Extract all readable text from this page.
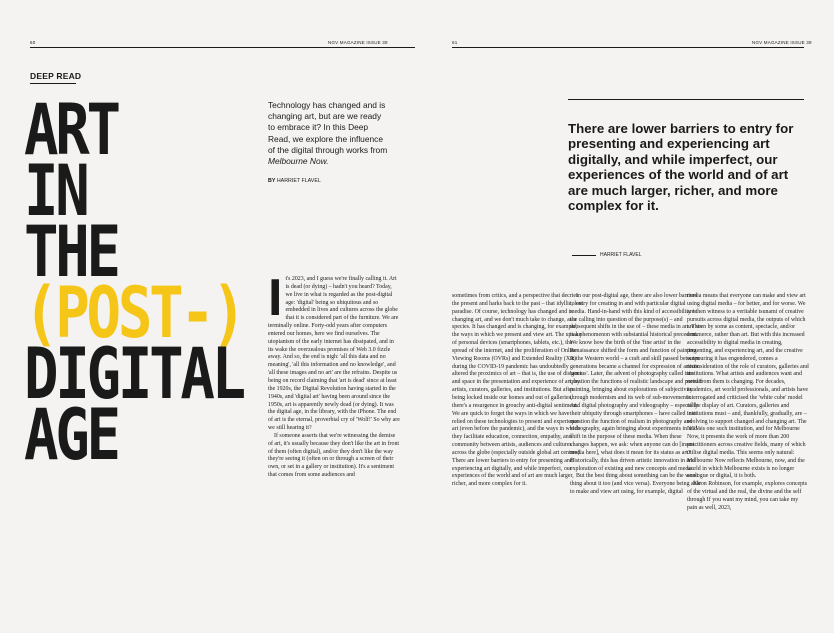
60	NGV MAGAZINE ISSUE 39	61	NGV MAGAZINE ISSUE 39
DEEP READ
ART
IN
THE
(POST-)
DIGITAL
AGE
Technology has changed and is changing art, but are we ready to embrace it? In this Deep Read, we explore the influence of the digital through works from Melbourne Now.
BY HARRIET FLAVEL
There are lower barriers to entry for presenting and experiencing art digitally, and while imperfect, our experiences of the world and of art are much larger, richer, and more complex for it.
HARRIET FLAVEL
I t's 2023, and I guess we're finally calling it. Art is dead (or dying) – hadn't you heard? Today, we live in what is regarded as the post-digital age: 'digital' being so ubiquitous and so embedded in lives and cultures across the globe that it is considered part of the furniture. We are terminally online. Forty-odd years after computers entered our homes, here we find ourselves. The utopianism of the early internet has dissipated, and in its wake the overzealous promises of Web 3.0 fizzle away. And so, the end is nigh: 'all this data and no meaning', 'all this information and no knowledge', and 'all these images and no art' are the refrains. Despite us being on record claiming that 'art is dead' since at least the 1920s, the Digital Revolution having started in the 1940s, and 'digital art' having been around since the 1950s, art is apparently newly dead (or dying). It was the digital age, in the library, with the iPhone. The end of art is the eternal, proverbial cry of 'Wolf!' So why are we still hearing it?

If someone asserts that we're witnessing the demise of art, it's usually because they don't like the art in front of them (often digital), and/or they don't like the way they're seeing it (often on or through a screen of their own, or set in a gallery or institution). It's a sentiment that comes from some audiences and

sometimes from critics, and a perspective that decries the present and harks back to the past – that idyllic, lost paradise. Of course, technology has changed and is changing art, and we don't much take to change, as a species. It has changed and is changing, for example, the ways in which we present and view art. The uptake of personal devices (smartphones, tablets, etc.), the spread of the internet, and the proliferation of Online Viewing Rooms (OVRs) and Extended Reality (XR) during the COVID-19 pandemic has undoubtedly altered the proximics of art – that is, the use of distance and space in the presentation and experience of art, by artists, curators, galleries, and institutions. But after being locked inside our homes and out of galleries, there's a resurgence in grouchy anti-digital sentiment. We are quick to forget the ways in which we have relied on these technologies to present and experience art (even before the pandemic), and the ways in which they facilitate education, connection, empathy, and community between artists, audiences and cultures across the globe (especially outside global art centres). There are lower barriers to entry for presenting and experiencing art digitally, and while imperfect, our experiences of the world and of art are much larger, richer, and more complex for it.

In our post-digital age, there are also lower barriers to entry for creating in and with particular digital media. Hand-in-hand with this kind of accessibility is the calling into question of the purpose(s) – and subsequent shifts in the use of – these media in art. This is a phenomenon with substantial historical precedent. We know how the birth of the 'fine artist' in the Renaissance shifted the form and function of painting in the Western world – a craft and skill passed between generations became a channel for expression of artistic 'genius'. Later, the advent of photography called into question the functions of realistic landscape and portrait painting, bringing about explorations of subjectivity through modernism and its web of sub-movements. And digital photography and videography – especially their ubiquity through smartphones – have called into question the function of realism in photography and videography, again bringing about experiments in and a shift in the purpose of these media. When these changes happen, we ask: when anyone can do [insert media here], what does it mean for its status as art? Historically, this has driven artistic innovation in and exploration of existing and new concepts and media.

But the best thing about something can be the worst thing about it too (and vice versa). Everyone being able to make and view art using, for example, digital

media means that everyone can make and view art using digital media – for better, and for worse. We are then witness to a veritable tsunami of creative pursuits across digital media, the outputs of which are seen by some as content, spectacle, and/or commerce, rather than art. But with this increased accessibility to digital media in creating, presenting, and experiencing art, and the creative outpouring it has engendered, comes a reconsideration of the role of curators, galleries and institutions. What artists and audiences want and need from them is changing. For decades, academics, art world professionals, and artists have interrogated and criticised the 'white cube' model of the display of art. Curators, galleries and institutions must – and, thankfully, gradually, are – evolving to support changed and changing art. The NGV is one such institution, and for Melbourne Now, it presents the work of more than 200 practitioners across creative fields, many of which utilise digital media. This seems only natural: Melbourne Now reflects Melbourne, now, and the world in which Melbourne exists is no longer analogue or digital, it is both.

Kiron Robinson, for example, explores concepts of the virtual and the real, the divine and the self through If you want my mind, you can take my pain as well, 2023,
